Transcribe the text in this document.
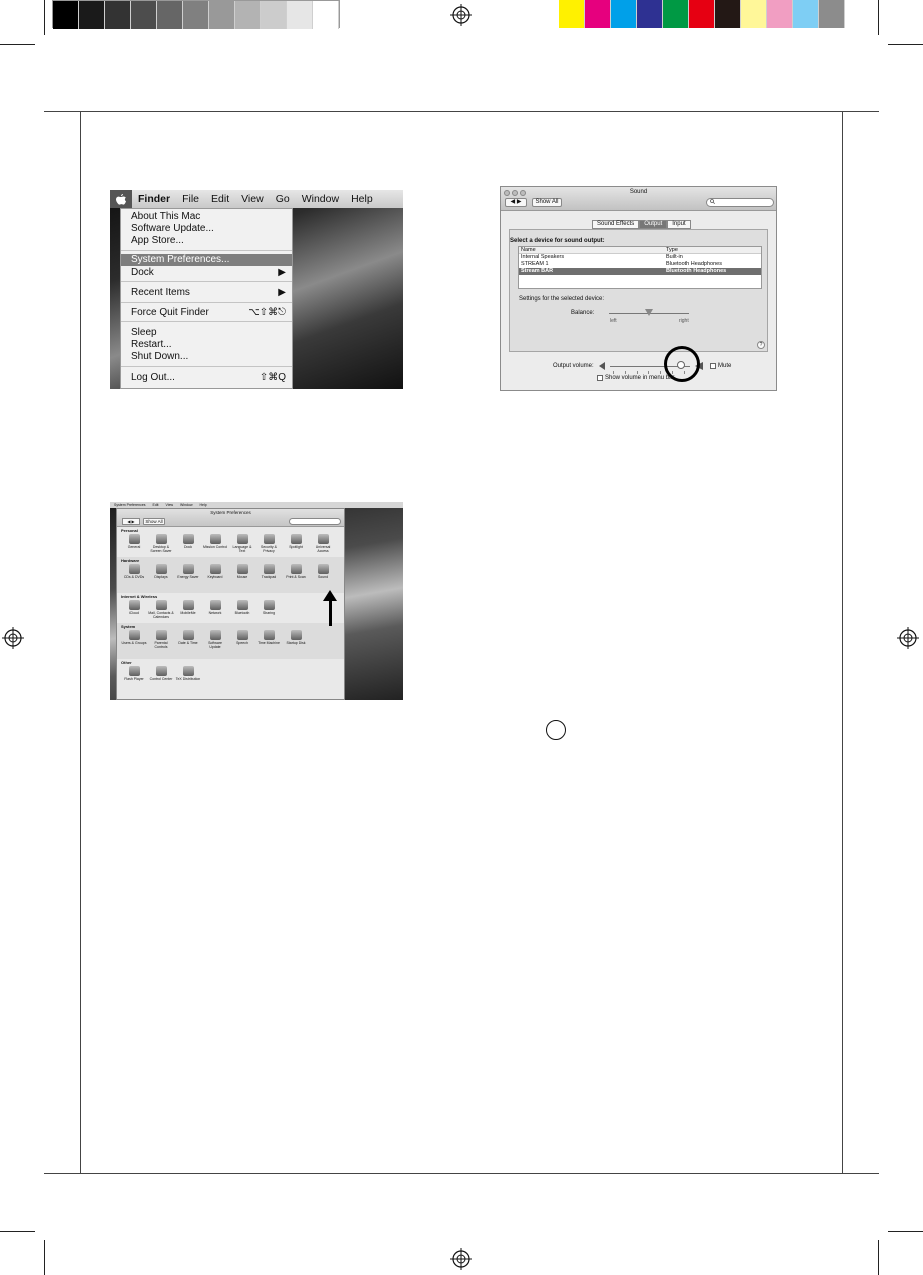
Finder	File	Edit	View	Go	Window	Help
About This Mac
Software Update...
App Store...
System Preferences...
Dock	▶
Recent Items	▶
Force Quit Finder	⌥⇧⌘⎋
Sleep
Restart...
Shut Down...
Log Out...	⇧⌘Q
Sound
◀ ▶	Show All
Sound Effects	Output	Input
Select a device for sound output:
Name	Type
Internal Speakers	Built-in
STREAM 1	Bluetooth Headphones
Stream BAR	Bluetooth Headphones
Settings for the selected device:
Balance:
left	right
?
Output volume:	Mute
Show volume in menu bar
System Preferences Edit View Window Help
System Preferences
◀ ▶	Show All
Personal
General	Desktop & Screen Saver
Dock	Mission Control	Language & Text
Security & Privacy
Spotlight	Universal Access
Hardware
CDs & DVDs	Displays	Energy Saver	Keyboard	Mouse	Trackpad	Print & Scan	Sound
Internet & Wireless
iCloud	Mail, Contacts & Calendars
MobileMe	Network	Bluetooth	Sharing
System
Users & Groups	Parental Controls
Date & Time	Software Update
Speech	Time Machine	Startup Disk
Other
Flash Player	Control Center TeX Distribution
